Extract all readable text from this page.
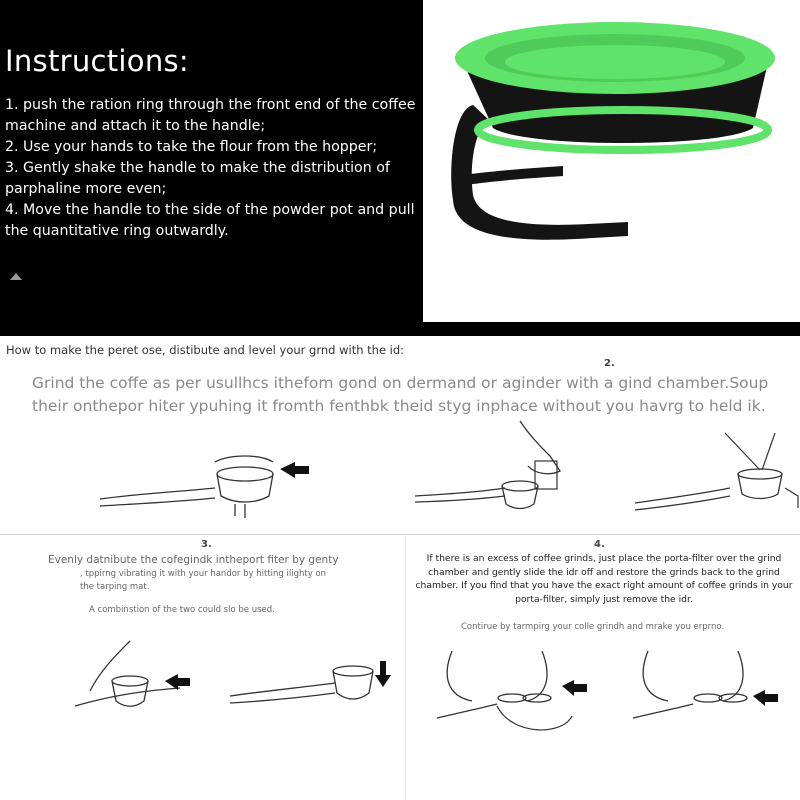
Instructions:
1. push the ration ring through the front end of the coffee machine and attach it to the handle;
2. Use your hands to take the flour from the hopper;
3. Gently shake the handle to make the distribution of parphaline more even;
4. Move the handle to the side of the powder pot and pull the quantitative ring outwardly.
How to make the peret ose, distibute and level your grnd with the id:

Grind the coffe as per usullhcs ithefom gond on dermand or aginder with a gind chamber.Soup their onthepor hiter ypuhing it fromth fenthbk theid styg inphace without you havrg to held ik.

2.
3.
Evenly datnibute the cofegindk intheport fiter by genty
, tppirng vibrating it with your handor by hitting ilighty on the tarping mat.
A combinstion of the two could slo be used.
4.
If there is an excess of coffee grinds, just place the porta-filter over the grind chamber and gently slide the idr off and restore the grinds back to the grind chamber. If you find that you have the exact right amount of coffee grinds in your porta-filter, simply just remove the idr.
Contirue by tarmpirg your colle grindh and mrake you erprno.
